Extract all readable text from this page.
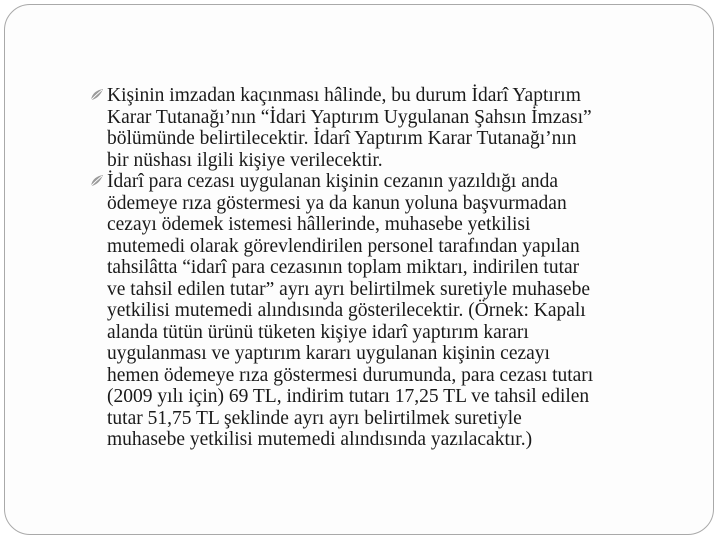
Kişinin imzadan kaçınması hâlinde, bu durum İdarî Yaptırım
Karar Tutanağı’nın “İdari Yaptırım Uygulanan Şahsın İmzası”
bölümünde belirtilecektir. İdarî Yaptırım Karar Tutanağı’nın
bir nüshası ilgili kişiye verilecektir.
İdarî para cezası uygulanan kişinin cezanın yazıldığı anda
ödemeye rıza göstermesi ya da kanun yoluna başvurmadan
cezayı ödemek istemesi hâllerinde, muhasebe yetkilisi
mutemedi olarak görevlendirilen personel tarafından yapılan
tahsilâtta “idarî para cezasının toplam miktarı, indirilen tutar
ve tahsil edilen tutar” ayrı ayrı belirtilmek suretiyle muhasebe
yetkilisi mutemedi alındısında gösterilecektir. (Örnek: Kapalı
alanda tütün ürünü tüketen kişiye idarî yaptırım kararı
uygulanması ve yaptırım kararı uygulanan kişinin cezayı
hemen ödemeye rıza göstermesi durumunda, para cezası tutarı
(2009 yılı için) 69 TL, indirim tutarı 17,25 TL ve tahsil edilen
tutar 51,75 TL şeklinde ayrı ayrı belirtilmek suretiyle
muhasebe yetkilisi mutemedi alındısında yazılacaktır.)
